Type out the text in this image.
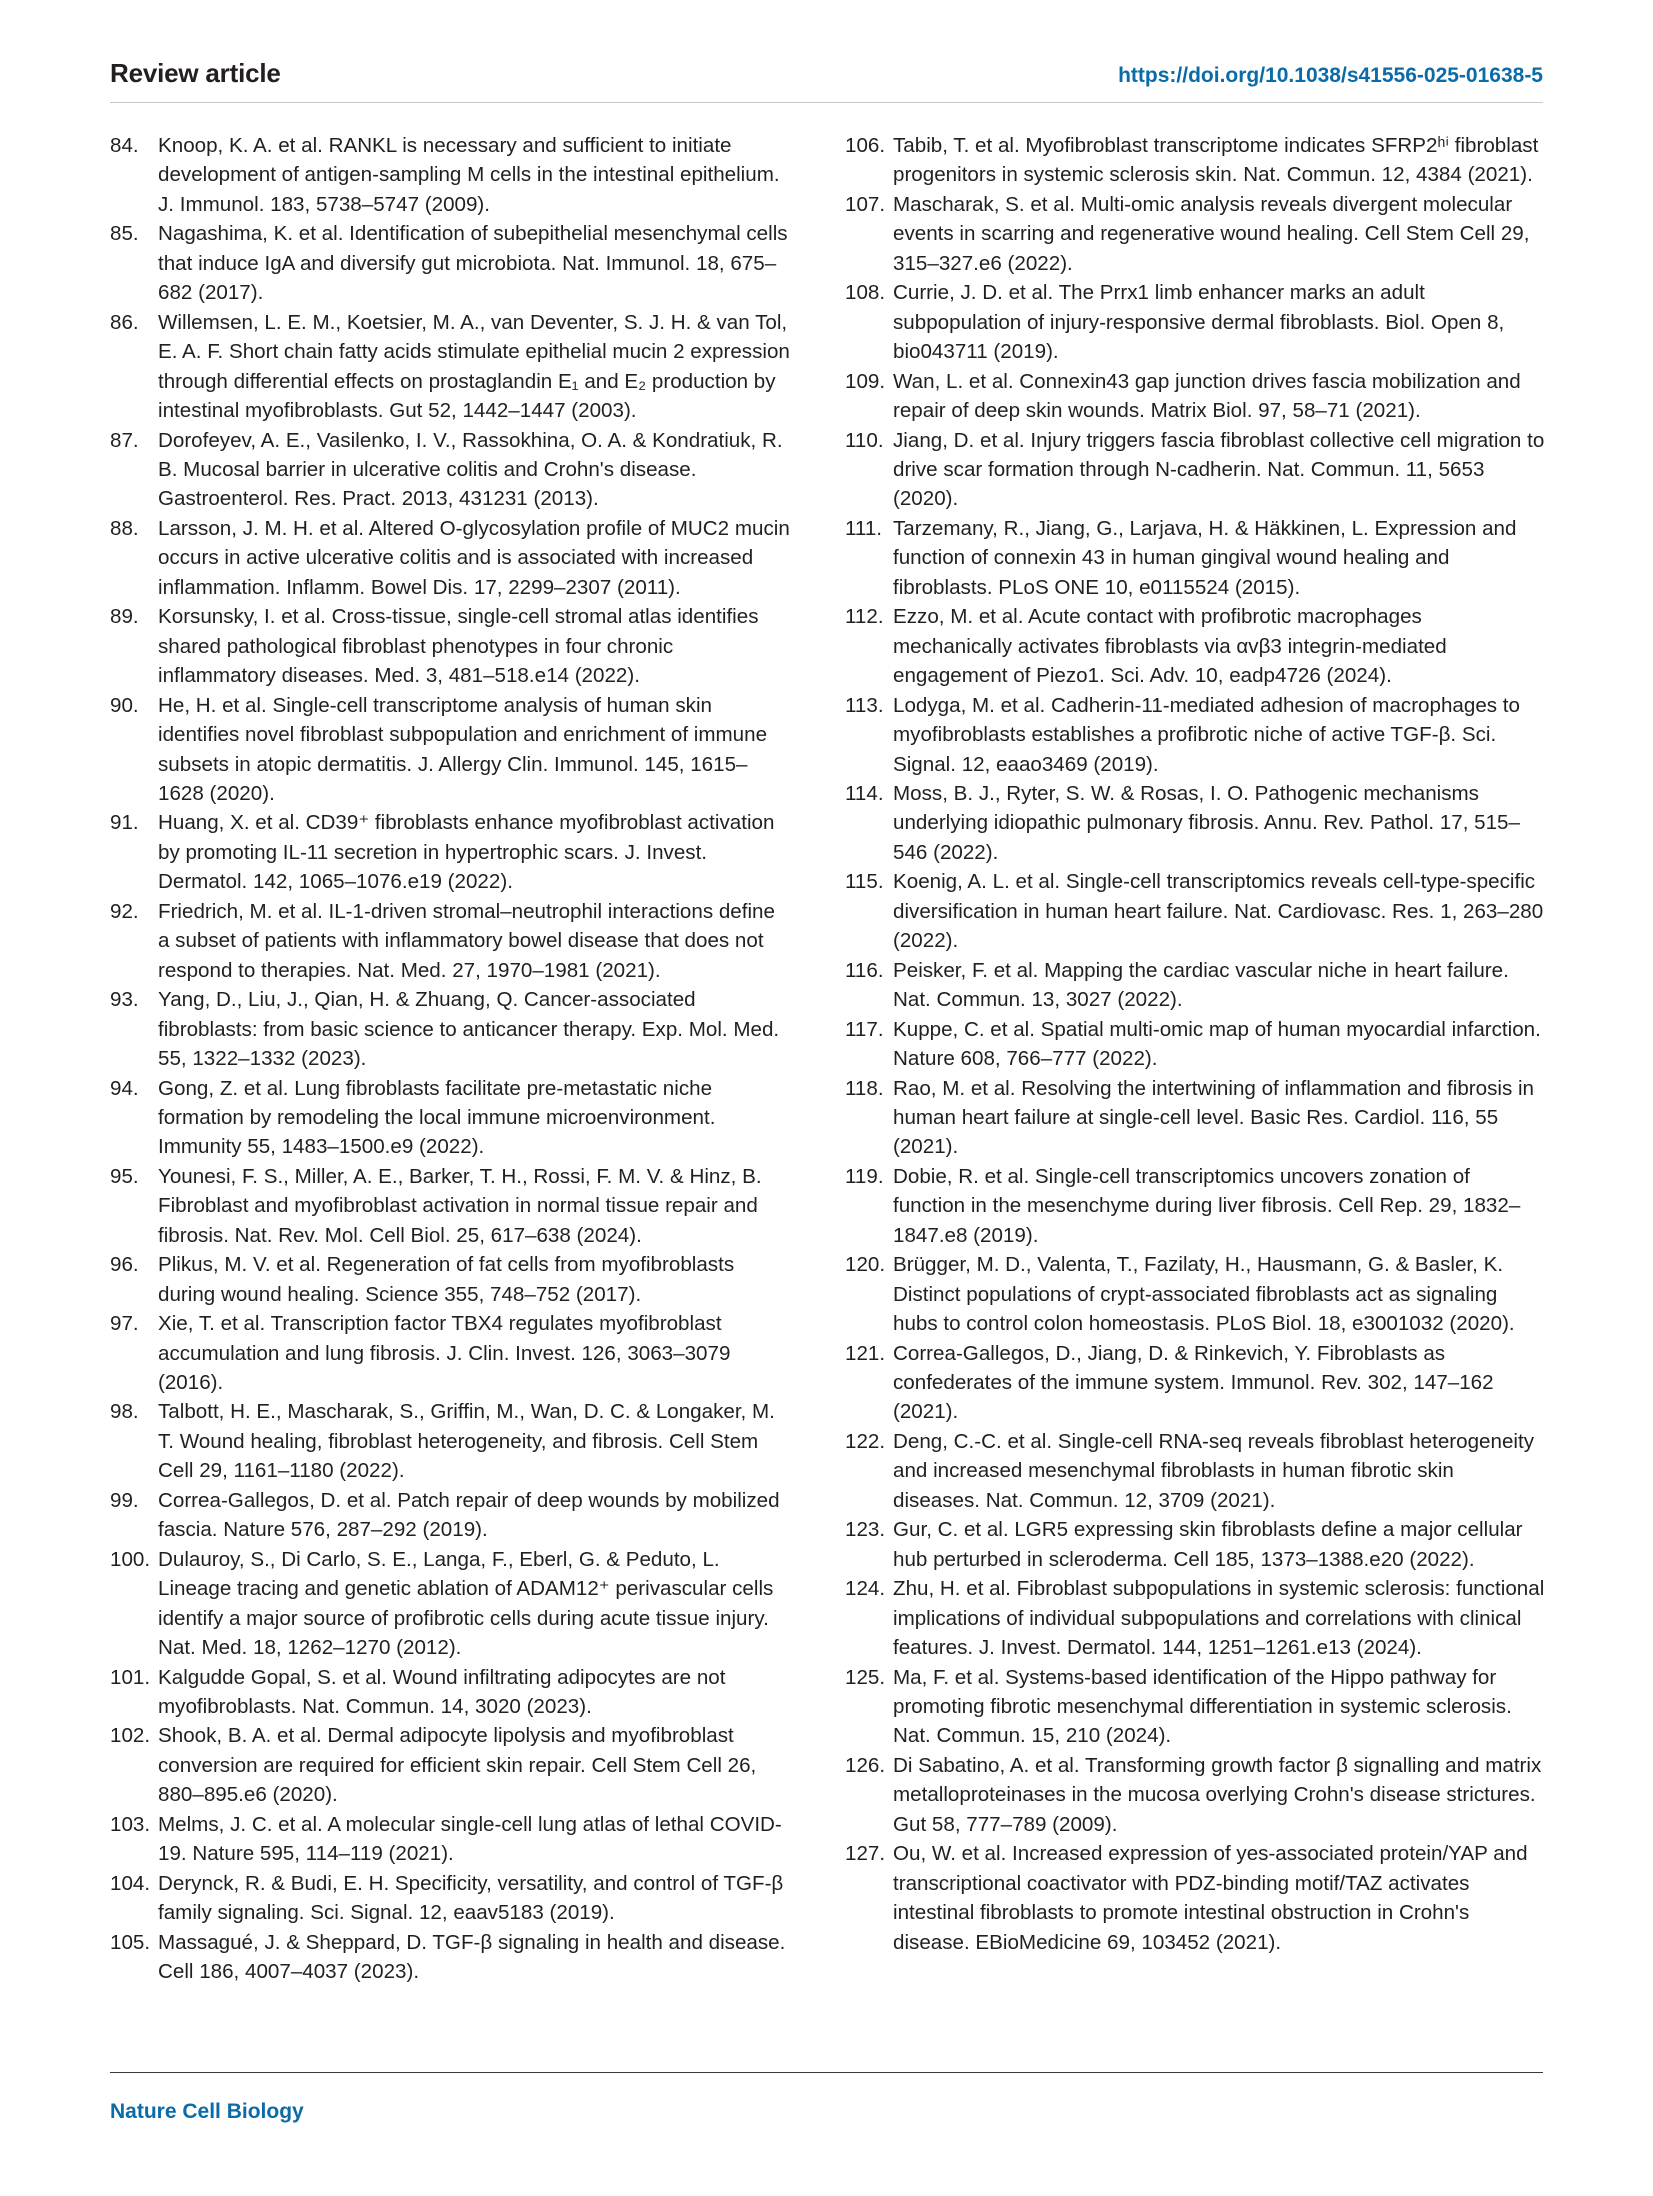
Review article	https://doi.org/10.1038/s41556-025-01638-5

84. Knoop, K. A. et al. RANKL is necessary and sufficient to initiate development of antigen-sampling M cells in the intestinal epithelium. J. Immunol. 183, 5738–5747 (2009).

85. Nagashima, K. et al. Identification of subepithelial mesenchymal cells that induce IgA and diversify gut microbiota. Nat. Immunol. 18, 675–682 (2017).

86. Willemsen, L. E. M., Koetsier, M. A., van Deventer, S. J. H. & van Tol, E. A. F. Short chain fatty acids stimulate epithelial mucin 2 expression through differential effects on prostaglandin E₁ and E₂ production by intestinal myofibroblasts. Gut 52, 1442–1447 (2003).

87. Dorofeyev, A. E., Vasilenko, I. V., Rassokhina, O. A. & Kondratiuk, R. B. Mucosal barrier in ulcerative colitis and Crohn's disease. Gastroenterol. Res. Pract. 2013, 431231 (2013).

88. Larsson, J. M. H. et al. Altered O-glycosylation profile of MUC2 mucin occurs in active ulcerative colitis and is associated with increased inflammation. Inflamm. Bowel Dis. 17, 2299–2307 (2011).

89. Korsunsky, I. et al. Cross-tissue, single-cell stromal atlas identifies shared pathological fibroblast phenotypes in four chronic inflammatory diseases. Med. 3, 481–518.e14 (2022).

90. He, H. et al. Single-cell transcriptome analysis of human skin identifies novel fibroblast subpopulation and enrichment of immune subsets in atopic dermatitis. J. Allergy Clin. Immunol. 145, 1615–1628 (2020).

91. Huang, X. et al. CD39⁺ fibroblasts enhance myofibroblast activation by promoting IL-11 secretion in hypertrophic scars. J. Invest. Dermatol. 142, 1065–1076.e19 (2022).

92. Friedrich, M. et al. IL-1-driven stromal–neutrophil interactions define a subset of patients with inflammatory bowel disease that does not respond to therapies. Nat. Med. 27, 1970–1981 (2021).

93. Yang, D., Liu, J., Qian, H. & Zhuang, Q. Cancer-associated fibroblasts: from basic science to anticancer therapy. Exp. Mol. Med. 55, 1322–1332 (2023).

94. Gong, Z. et al. Lung fibroblasts facilitate pre-metastatic niche formation by remodeling the local immune microenvironment. Immunity 55, 1483–1500.e9 (2022).

95. Younesi, F. S., Miller, A. E., Barker, T. H., Rossi, F. M. V. & Hinz, B. Fibroblast and myofibroblast activation in normal tissue repair and fibrosis. Nat. Rev. Mol. Cell Biol. 25, 617–638 (2024).

96. Plikus, M. V. et al. Regeneration of fat cells from myofibroblasts during wound healing. Science 355, 748–752 (2017).

97. Xie, T. et al. Transcription factor TBX4 regulates myofibroblast accumulation and lung fibrosis. J. Clin. Invest. 126, 3063–3079 (2016).

98. Talbott, H. E., Mascharak, S., Griffin, M., Wan, D. C. & Longaker, M. T. Wound healing, fibroblast heterogeneity, and fibrosis. Cell Stem Cell 29, 1161–1180 (2022).

99. Correa-Gallegos, D. et al. Patch repair of deep wounds by mobilized fascia. Nature 576, 287–292 (2019).

100. Dulauroy, S., Di Carlo, S. E., Langa, F., Eberl, G. & Peduto, L. Lineage tracing and genetic ablation of ADAM12⁺ perivascular cells identify a major source of profibrotic cells during acute tissue injury. Nat. Med. 18, 1262–1270 (2012).

101. Kalgudde Gopal, S. et al. Wound infiltrating adipocytes are not myofibroblasts. Nat. Commun. 14, 3020 (2023).

102. Shook, B. A. et al. Dermal adipocyte lipolysis and myofibroblast conversion are required for efficient skin repair. Cell Stem Cell 26, 880–895.e6 (2020).

103. Melms, J. C. et al. A molecular single-cell lung atlas of lethal COVID-19. Nature 595, 114–119 (2021).

104. Derynck, R. & Budi, E. H. Specificity, versatility, and control of TGF-β family signaling. Sci. Signal. 12, eaav5183 (2019).

105. Massagué, J. & Sheppard, D. TGF-β signaling in health and disease. Cell 186, 4007–4037 (2023).

106. Tabib, T. et al. Myofibroblast transcriptome indicates SFRP2ʰⁱ fibroblast progenitors in systemic sclerosis skin. Nat. Commun. 12, 4384 (2021).

107. Mascharak, S. et al. Multi-omic analysis reveals divergent molecular events in scarring and regenerative wound healing. Cell Stem Cell 29, 315–327.e6 (2022).

108. Currie, J. D. et al. The Prrx1 limb enhancer marks an adult subpopulation of injury-responsive dermal fibroblasts. Biol. Open 8, bio043711 (2019).

109. Wan, L. et al. Connexin43 gap junction drives fascia mobilization and repair of deep skin wounds. Matrix Biol. 97, 58–71 (2021).

110. Jiang, D. et al. Injury triggers fascia fibroblast collective cell migration to drive scar formation through N-cadherin. Nat. Commun. 11, 5653 (2020).

111. Tarzemany, R., Jiang, G., Larjava, H. & Häkkinen, L. Expression and function of connexin 43 in human gingival wound healing and fibroblasts. PLoS ONE 10, e0115524 (2015).

112. Ezzo, M. et al. Acute contact with profibrotic macrophages mechanically activates fibroblasts via αvβ3 integrin-mediated engagement of Piezo1. Sci. Adv. 10, eadp4726 (2024).

113. Lodyga, M. et al. Cadherin-11-mediated adhesion of macrophages to myofibroblasts establishes a profibrotic niche of active TGF-β. Sci. Signal. 12, eaao3469 (2019).

114. Moss, B. J., Ryter, S. W. & Rosas, I. O. Pathogenic mechanisms underlying idiopathic pulmonary fibrosis. Annu. Rev. Pathol. 17, 515–546 (2022).

115. Koenig, A. L. et al. Single-cell transcriptomics reveals cell-type-specific diversification in human heart failure. Nat. Cardiovasc. Res. 1, 263–280 (2022).

116. Peisker, F. et al. Mapping the cardiac vascular niche in heart failure. Nat. Commun. 13, 3027 (2022).

117. Kuppe, C. et al. Spatial multi-omic map of human myocardial infarction. Nature 608, 766–777 (2022).

118. Rao, M. et al. Resolving the intertwining of inflammation and fibrosis in human heart failure at single-cell level. Basic Res. Cardiol. 116, 55 (2021).

119. Dobie, R. et al. Single-cell transcriptomics uncovers zonation of function in the mesenchyme during liver fibrosis. Cell Rep. 29, 1832–1847.e8 (2019).

120. Brügger, M. D., Valenta, T., Fazilaty, H., Hausmann, G. & Basler, K. Distinct populations of crypt-associated fibroblasts act as signaling hubs to control colon homeostasis. PLoS Biol. 18, e3001032 (2020).

121. Correa-Gallegos, D., Jiang, D. & Rinkevich, Y. Fibroblasts as confederates of the immune system. Immunol. Rev. 302, 147–162 (2021).

122. Deng, C.-C. et al. Single-cell RNA-seq reveals fibroblast heterogeneity and increased mesenchymal fibroblasts in human fibrotic skin diseases. Nat. Commun. 12, 3709 (2021).

123. Gur, C. et al. LGR5 expressing skin fibroblasts define a major cellular hub perturbed in scleroderma. Cell 185, 1373–1388.e20 (2022).

124. Zhu, H. et al. Fibroblast subpopulations in systemic sclerosis: functional implications of individual subpopulations and correlations with clinical features. J. Invest. Dermatol. 144, 1251–1261.e13 (2024).

125. Ma, F. et al. Systems-based identification of the Hippo pathway for promoting fibrotic mesenchymal differentiation in systemic sclerosis. Nat. Commun. 15, 210 (2024).

126. Di Sabatino, A. et al. Transforming growth factor β signalling and matrix metalloproteinases in the mucosa overlying Crohn's disease strictures. Gut 58, 777–789 (2009).

127. Ou, W. et al. Increased expression of yes-associated protein/YAP and transcriptional coactivator with PDZ-binding motif/TAZ activates intestinal fibroblasts to promote intestinal obstruction in Crohn's disease. EBioMedicine 69, 103452 (2021).

Nature Cell Biology
